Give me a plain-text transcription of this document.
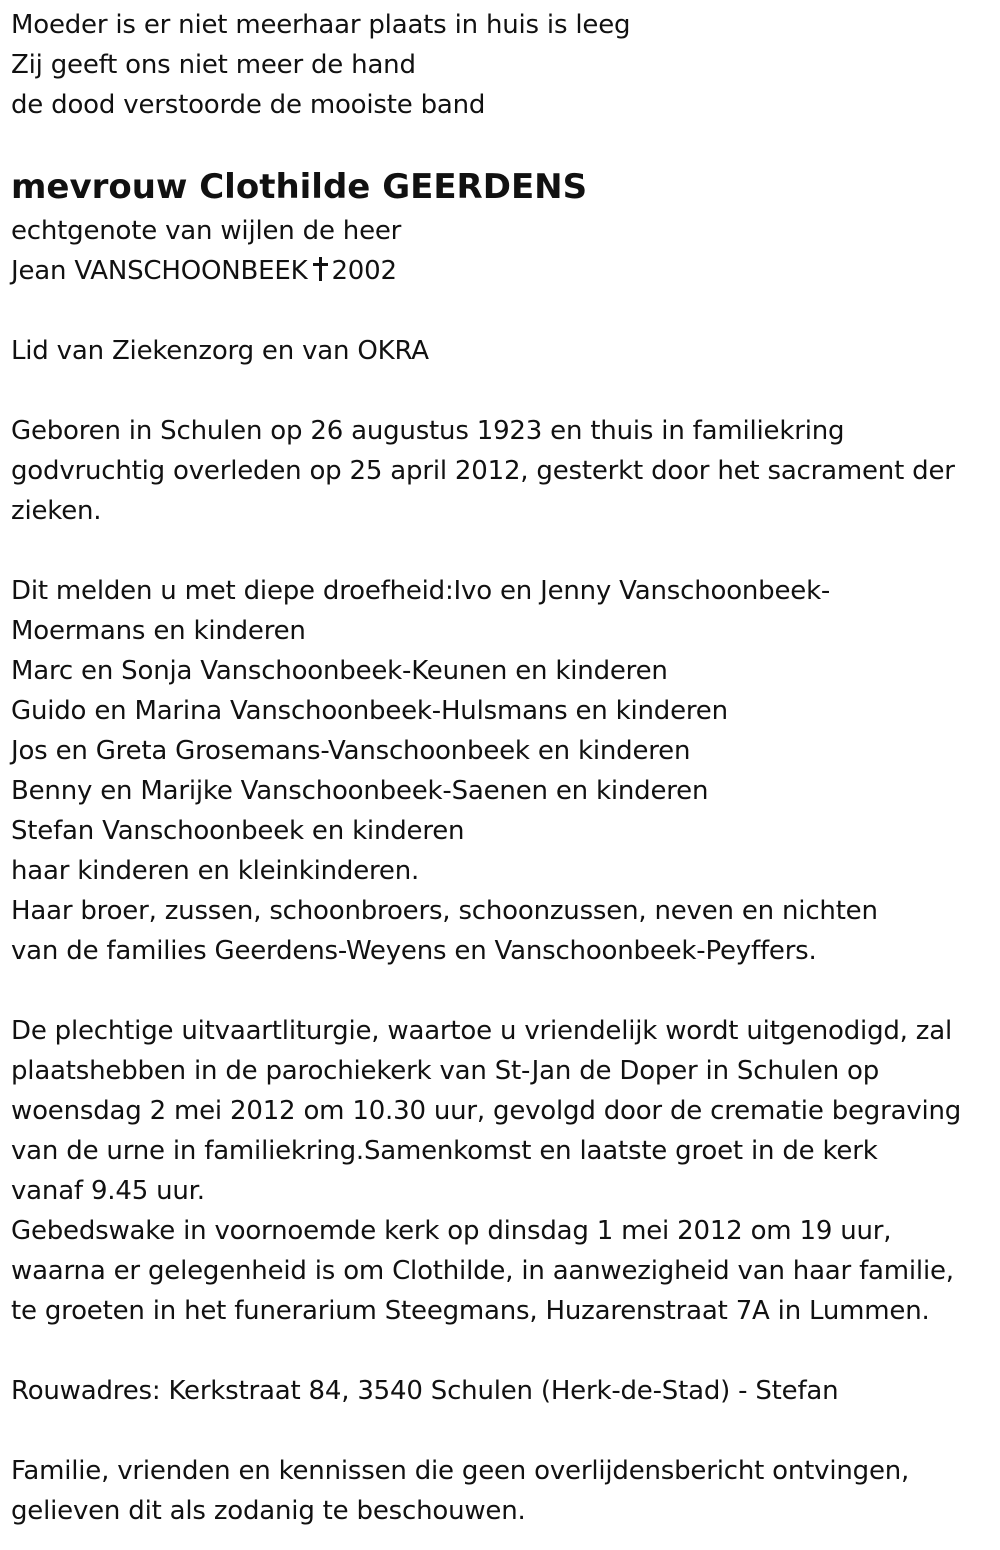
Moeder is er niet meerhaar plaats in huis is leeg
Zij geeft ons niet meer de hand
de dood verstoorde de mooiste band
mevrouw Clothilde GEERDENS
echtgenote van wijlen de heer
Jean VANSCHOONBEEK 2002
Lid van Ziekenzorg en van OKRA
Geboren in Schulen op 26 augustus 1923 en thuis in familiekring
godvruchtig overleden op 25 april 2012, gesterkt door het sacrament der
zieken.
Dit melden u met diepe droefheid:Ivo en Jenny Vanschoonbeek-
Moermans en kinderen
Marc en Sonja Vanschoonbeek-Keunen en kinderen
Guido en Marina Vanschoonbeek-Hulsmans en kinderen
Jos en Greta Grosemans-Vanschoonbeek en kinderen
Benny en Marijke Vanschoonbeek-Saenen en kinderen
Stefan Vanschoonbeek en kinderen
haar kinderen en kleinkinderen.
Haar broer, zussen, schoonbroers, schoonzussen, neven en nichten
van de families Geerdens-Weyens en Vanschoonbeek-Peyffers.
De plechtige uitvaartliturgie, waartoe u vriendelijk wordt uitgenodigd, zal
plaatshebben in de parochiekerk van St-Jan de Doper in Schulen op
woensdag 2 mei 2012 om 10.30 uur, gevolgd door de crematie begraving
van de urne in familiekring.Samenkomst en laatste groet in de kerk
vanaf 9.45 uur.
Gebedswake in voornoemde kerk op dinsdag 1 mei 2012 om 19 uur,
waarna er gelegenheid is om Clothilde, in aanwezigheid van haar familie,
te groeten in het funerarium Steegmans, Huzarenstraat 7A in Lummen.
Rouwadres: Kerkstraat 84, 3540 Schulen (Herk-de-Stad) - Stefan
Familie, vrienden en kennissen die geen overlijdensbericht ontvingen,
gelieven dit als zodanig te beschouwen.
